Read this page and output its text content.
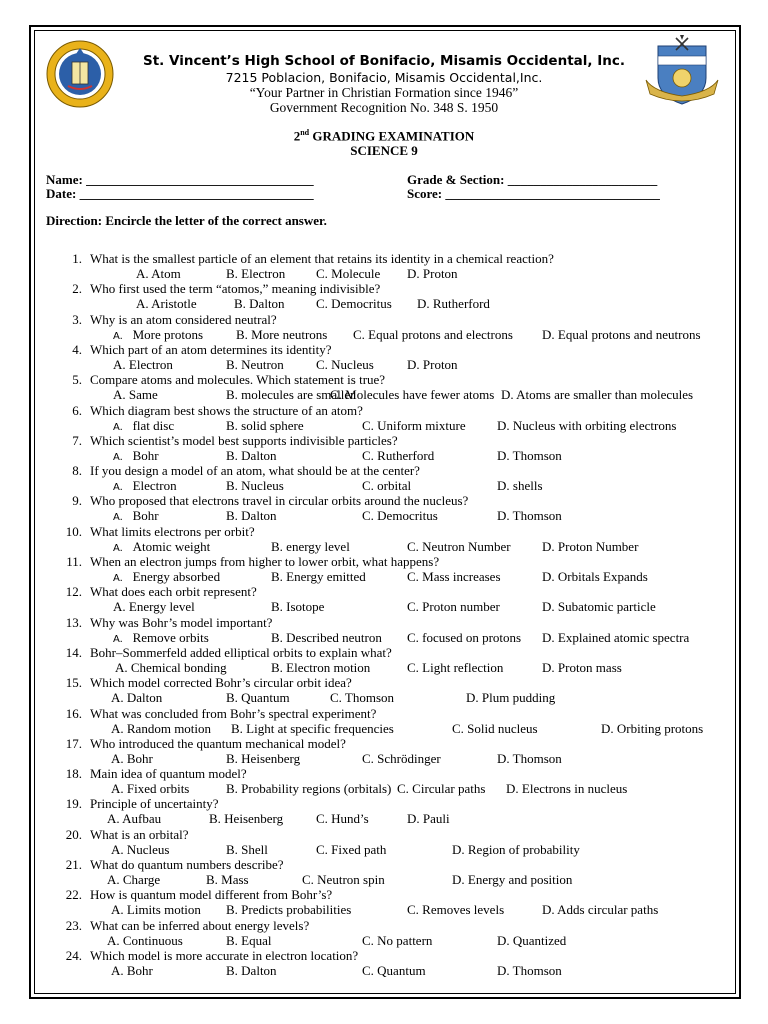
St. Vincent’s High School of Bonifacio, Misamis Occidental, Inc.
7215 Poblacion, Bonifacio, Misamis Occidental,Inc.
“Your Partner in Christian Formation since 1946”
Government Recognition No. 348 S. 1950
2nd GRADING EXAMINATION
SCIENCE 9
Name: ___________________________________
Date: ____________________________________
Grade & Section: _______________________
Score: _________________________________
Direction: Encircle the letter of the correct answer.
1. What is the smallest particle of an element that retains its identity in a chemical reaction?
A. Atom	B. Electron C. Molecule D. Proton
2. Who first used the term “atomos,” meaning indivisible?
A. Aristotle	B. Dalton C. Democritus D. Rutherford
3. Why is an atom considered neutral?
A. More protons	B. More neutrons C. Equal protons and electrons D. Equal protons and neutrons
4. Which part of an atom determines its identity?
A. Electron	B. Neutron C. Nucleus	D. Proton
5. Compare atoms and molecules. Which statement is true?
A. Same	B. molecules are smaller
C. Molecules have fewer atoms D. Atoms are smaller than molecules
6. Which diagram best shows the structure of an atom?
A. flat disc	B. solid sphere	C. Uniform mixture D. Nucleus with orbiting electrons
7. Which scientist’s model best supports indivisible particles?
A. Bohr	B. Dalton	C. Rutherford	D. Thomson
8. If you design a model of an atom, what should be at the center?
A. Electron	B. Nucleus	C. orbital	D. shells
9. Who proposed that electrons travel in circular orbits around the nucleus?
A. Bohr	B. Dalton	C. Democritus	D. Thomson
10. What limits electrons per orbit?
A. Atomic weight	B. energy level	C. Neutron Number D. Proton Number
11. When an electron jumps from higher to lower orbit, what happens?
A. Energy absorbed	B. Energy emitted	C. Mass increases	D. Orbitals Expands
12. What does each orbit represent?
A. Energy level	B. Isotope	C. Proton number	D. Subatomic particle
13. Why was Bohr’s model important?
A. Remove orbits	B. Described neutron C. focused on protons D. Explained atomic spectra
14. Bohr–Sommerfeld added elliptical orbits to explain what?
A. Chemical bonding	B. Electron motion	C. Light reflection	D. Proton mass
15. Which model corrected Bohr’s circular orbit idea?
A. Dalton	B. Quantum	C. Thomson	D. Plum pudding
16. What was concluded from Bohr’s spectral experiment?
A. Random motion B. Light at specific frequencies	C. Solid nucleus	D. Orbiting protons
17. Who introduced the quantum mechanical model?
A. Bohr	B. Heisenberg	C. Schrödinger	D. Thomson
18. Main idea of quantum model?
A. Fixed orbits	B. Probability regions (orbitals) C. Circular paths D. Electrons in nucleus
19. Principle of uncertainty?
A. Aufbau	B. Heisenberg	C. Hund’s	D. Pauli
20. What is an orbital?
A. Nucleus	B. Shell	C. Fixed path	D. Region of probability
21. What do quantum numbers describe?
A. Charge	B. Mass	C. Neutron spin	D. Energy and position
22. How is quantum model different from Bohr’s?
A. Limits motion B. Predicts probabilities	C. Removes levels	D. Adds circular paths
23. What can be inferred about energy levels?
A. Continuous	B. Equal	C. No pattern	D. Quantized
24. Which model is more accurate in electron location?
A. Bohr	B. Dalton	C. Quantum	D. Thomson
